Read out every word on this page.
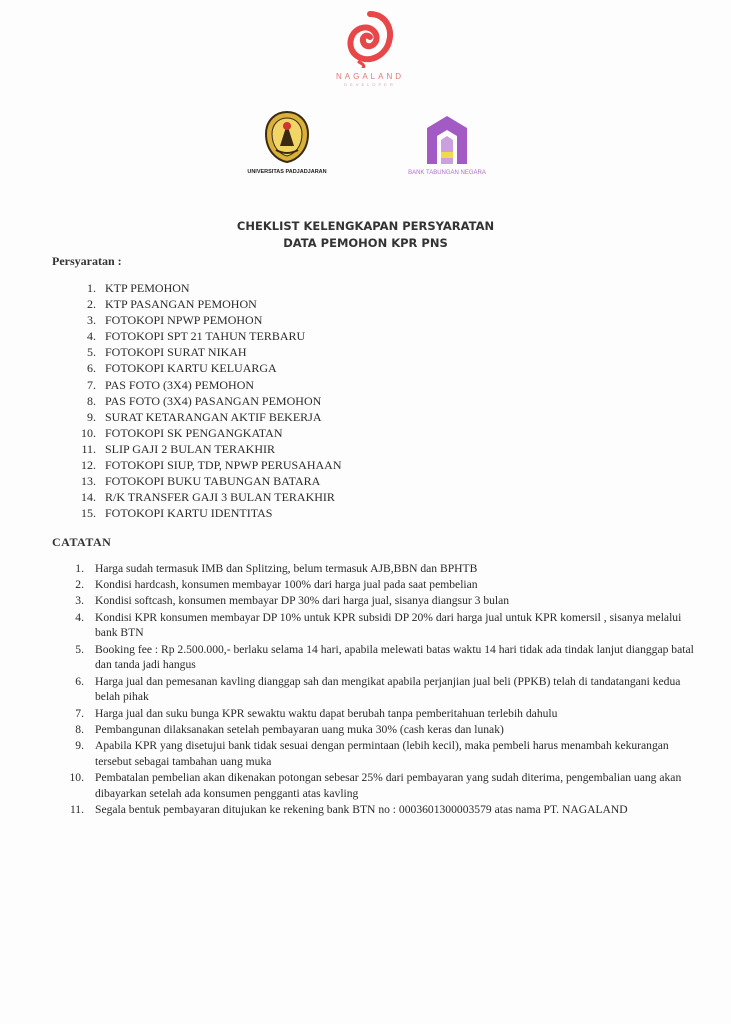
NAGALAND
DEVELOPER
UNIVERSITAS PADJADJARAN	BANK TABUNGAN NEGARA
CHEKLIST KELENGKAPAN PERSYARATAN
DATA PEMOHON KPR PNS
Persyaratan :
1. KTP PEMOHON
2. KTP PASANGAN PEMOHON
3. FOTOKOPI NPWP PEMOHON
4. FOTOKOPI SPT 21 TAHUN TERBARU
5. FOTOKOPI SURAT NIKAH
6. FOTOKOPI KARTU KELUARGA
7. PAS FOTO (3X4) PEMOHON
8. PAS FOTO (3X4) PASANGAN PEMOHON
9. SURAT KETARANGAN AKTIF BEKERJA
10. FOTOKOPI SK PENGANGKATAN
11. SLIP GAJI 2 BULAN TERAKHIR
12. FOTOKOPI SIUP, TDP, NPWP PERUSAHAAN
13. FOTOKOPI BUKU TABUNGAN BATARA
14. R/K TRANSFER GAJI 3 BULAN TERAKHIR
15. FOTOKOPI KARTU IDENTITAS
CATATAN
1. Harga sudah termasuk IMB dan Splitzing, belum termasuk AJB,BBN dan BPHTB
2. Kondisi hardcash, konsumen membayar 100% dari harga jual pada saat pembelian
3. Kondisi softcash, konsumen membayar DP 30% dari harga jual, sisanya diangsur 3 bulan
4. Kondisi KPR konsumen membayar DP 10% untuk KPR subsidi DP 20% dari harga jual untuk KPR komersil , sisanya melalui bank BTN
5. Booking fee : Rp 2.500.000,- berlaku selama 14 hari, apabila melewati batas waktu 14 hari tidak ada tindak lanjut dianggap batal dan tanda jadi hangus
6. Harga jual dan pemesanan kavling dianggap sah dan mengikat apabila perjanjian jual beli (PPKB) telah di tandatangani kedua belah pihak
7. Harga jual dan suku bunga KPR sewaktu waktu dapat berubah tanpa pemberitahuan terlebih dahulu
8. Pembangunan dilaksanakan setelah pembayaran uang muka 30% (cash keras dan lunak)
9. Apabila KPR yang disetujui bank tidak sesuai dengan permintaan (lebih kecil), maka pembeli harus menambah kekurangan tersebut sebagai tambahan uang muka
10. Pembatalan pembelian akan dikenakan potongan sebesar 25% dari pembayaran yang sudah diterima, pengembalian uang akan dibayarkan setelah ada konsumen pengganti atas kavling
11. Segala bentuk pembayaran ditujukan ke rekening bank BTN no : 0003601300003579 atas nama PT. NAGALAND
